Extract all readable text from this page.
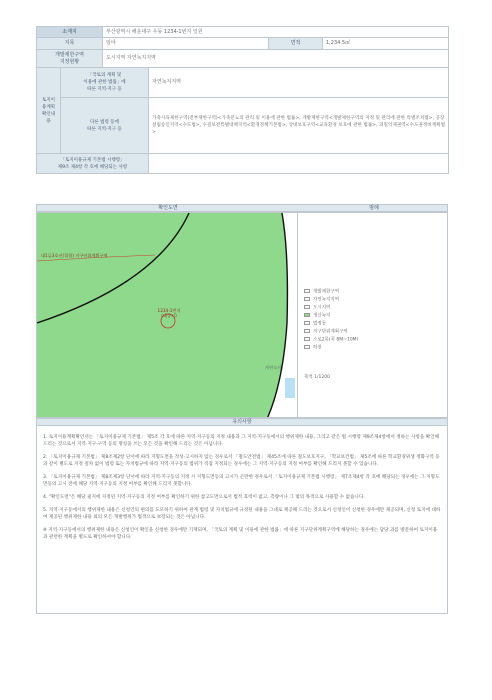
소재지		부산광역시 해운대구 우동 1234-1번지 일원			
지목		임야		면적	1,234.5㎡
개발제한구역
지정현황		도시지역 자연녹지지역			
토지이용계획
확인내용	「국토의 계획 및
이용에 관한 법률」에
따른 지역·지구 등		자연녹지지역		
	다른 법령 등에
따른 지역·지구 등		가축사육제한구역(전부제한구역)<가축분뇨의 관리 및 이용에 관한 법률>, 개발제한구역<개발제한구역의 지정 및 관리에 관한 특별조치법>, 공장설립승인지역<수도법>, 수질보전특별대책지역<환경정책기본법>, 상대보호구역<교육환경 보호에 관한 법률>, 과밀억제권역<수도권정비계획법>		
「토지이용규제 기본법 시행령」
제9조 제4항 각 호에 해당되는 사항					
확인도면	범례
대1류3호선(접합) 지구단위계획구역
1234-1번지
(대상지)
자연녹지
개발제한구역
자연녹지지역
도시지역
생산녹지
법정동
지구단위계획구역
소로2류(폭 8M~10M)
하천
축척 1/1200
유의사항

1. 토지이용계획확인서는 「토지이용규제 기본법」 제5조 각 호에 따른 지역·지구등의 지정 내용과 그 지역·지구등에서의 행위제한 내용, 그리고 같은 법 시행령 제9조제4항에서 정하는 사항을 확인해 드리는 것으로서 지역·지구·구역 등의 명칭을 쓰는 모든 것을 확인해 드리는 것은 아닙니다.

2. 「토지이용규제 기본법」 제8조제2항 단서에 따라 지형도면을 작성·고시하지 않는 경우로서 「철도안전법」 제45조에 따른 철도보호지구, 「학교보건법」 제5조에 따른 학교환경위생 정화구역 등과 같이 별도로 지정 절차 없이 법령 또는 자치법규에 따라 지역·지구등의 범위가 직접 지정되는 경우에는 그 지역·지구등의 지정 여부를 확인해 드리지 못할 수 있습니다.

3. 「토지이용규제 기본법」 제8조제3항 단서에 따라 지역·지구등의 지정 시 지형도면등의 고시가 곤란한 경우로서 「토지이용규제 기본법 시행령」 제7조제4항 각 호에 해당되는 경우에는 그 지형도면등의 고시 전에 해당 지역·지구등의 지정 여부를 확인해 드리지 못합니다.

4. "확인도면"은 해당 필지에 지정된 지역·지구등의 지정 여부를 확인하기 위한 참고도면으로서 법적 효력이 없고, 측량이나 그 밖의 목적으로 사용할 수 없습니다.

5. 지역·지구등에서의 행위제한 내용은 신청인의 편의를 도모하기 위하여 관계 법령 및 자치법규에 규정된 내용을 그대로 제공해 드리는 것으로서 신청인이 신청한 경우에만 제공되며, 신청 토지에 대하여 제공된 행위제한 내용 외의 모든 개발행위가 법적으로 보장되는 것은 아닙니다.

※ 지역·지구등에서의 행위제한 내용은 신청인이 확인을 신청한 경우에만 기재되며, 「국토의 계획 및 이용에 관한 법률」에 따른 지구단위계획구역에 해당하는 경우에는 담당 과를 방문하여 토지이용과 관련한 계획을 별도로 확인하셔야 합니다.
